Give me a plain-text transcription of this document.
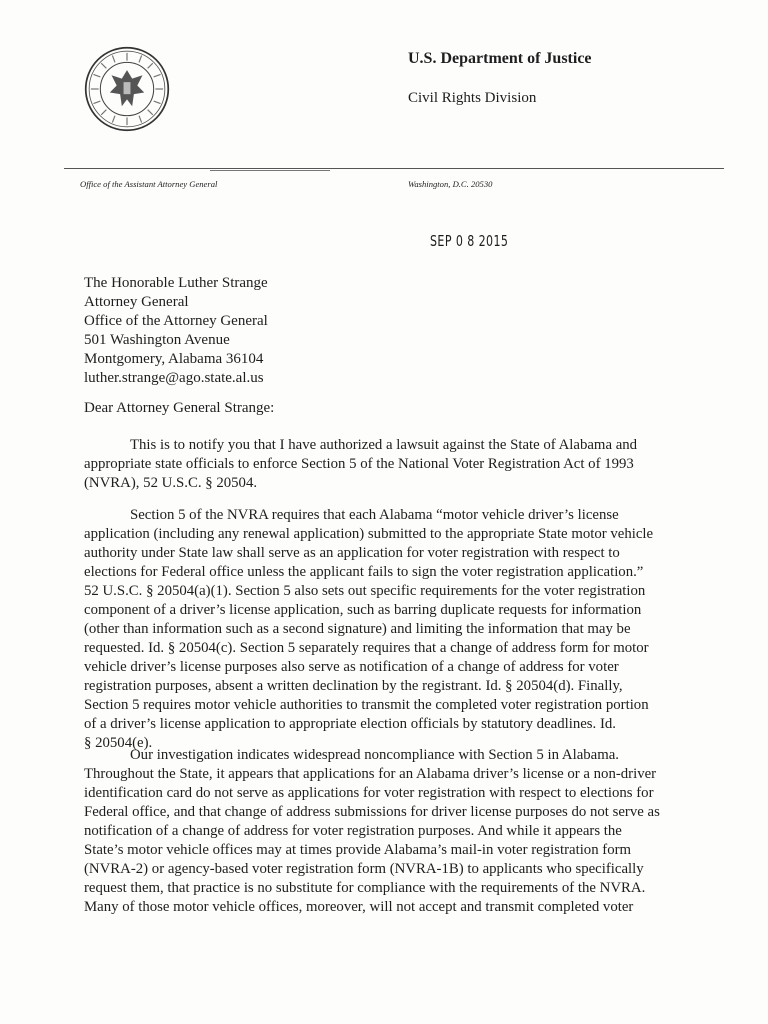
U.S. Department of Justice
Civil Rights Division
Office of the Assistant Attorney General	Washington, D.C. 20530
SEP 0 8 2015
The Honorable Luther Strange
Attorney General
Office of the Attorney General
501 Washington Avenue
Montgomery, Alabama 36104
luther.strange@ago.state.al.us
Dear Attorney General Strange:
This is to notify you that I have authorized a lawsuit against the State of Alabama and
appropriate state officials to enforce Section 5 of the National Voter Registration Act of 1993
(NVRA), 52 U.S.C. § 20504.
Section 5 of the NVRA requires that each Alabama “motor vehicle driver’s license
application (including any renewal application) submitted to the appropriate State motor vehicle
authority under State law shall serve as an application for voter registration with respect to
elections for Federal office unless the applicant fails to sign the voter registration application.”
52 U.S.C. § 20504(a)(1). Section 5 also sets out specific requirements for the voter registration
component of a driver’s license application, such as barring duplicate requests for information
(other than information such as a second signature) and limiting the information that may be
requested. Id. § 20504(c). Section 5 separately requires that a change of address form for motor
vehicle driver’s license purposes also serve as notification of a change of address for voter
registration purposes, absent a written declination by the registrant. Id. § 20504(d). Finally,
Section 5 requires motor vehicle authorities to transmit the completed voter registration portion
of a driver’s license application to appropriate election officials by statutory deadlines. Id.
§ 20504(e).
Our investigation indicates widespread noncompliance with Section 5 in Alabama.
Throughout the State, it appears that applications for an Alabama driver’s license or a non-driver
identification card do not serve as applications for voter registration with respect to elections for
Federal office, and that change of address submissions for driver license purposes do not serve as
notification of a change of address for voter registration purposes. And while it appears the
State’s motor vehicle offices may at times provide Alabama’s mail-in voter registration form
(NVRA-2) or agency-based voter registration form (NVRA-1B) to applicants who specifically
request them, that practice is no substitute for compliance with the requirements of the NVRA.
Many of those motor vehicle offices, moreover, will not accept and transmit completed voter
